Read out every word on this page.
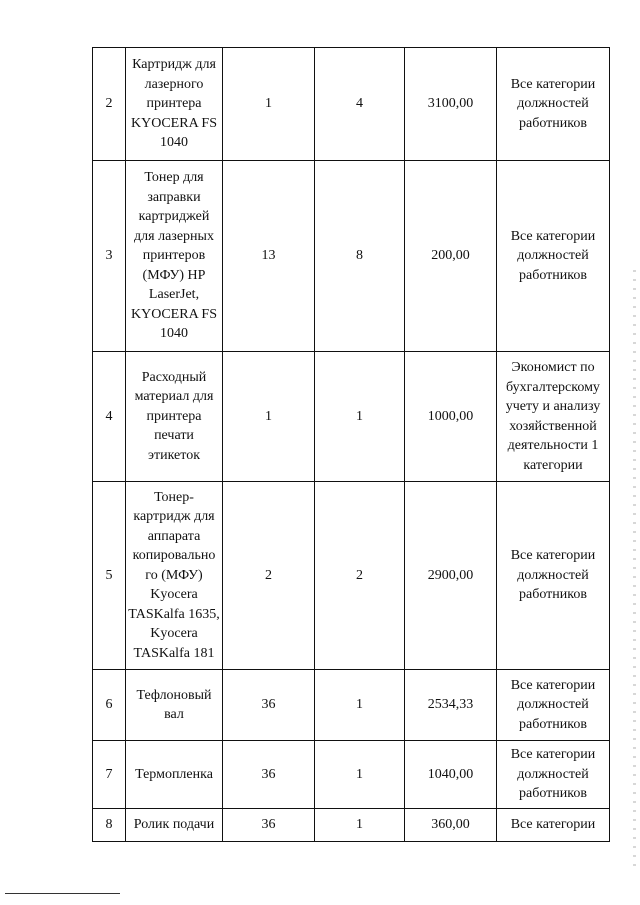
2	Картридж для лазерного принтера KYOCERA FS 1040	1	4	3100,00	Все категории должностей работников
3	Тонер для заправки картриджей для лазерных принтеров (МФУ) HP LaserJet, KYOCERA FS 1040	13	8	200,00	Все категории должностей работников
4	Расходный материал для принтера печати этикеток	1	1	1000,00	Экономист по бухгалтерскому учету и анализу хозяйственной деятельности 1 категории
5	Тонер-картридж для аппарата копировально го (МФУ) Kyocera TASKalfa 1635, Kyocera TASKalfa 181	2	2	2900,00	Все категории должностей работников
6	Тефлоновый вал	36	1	2534,33	Все категории должностей работников
7	Термопленка	36	1	1040,00	Все категории должностей работников
8	Ролик подачи	36	1	360,00	Все категории
